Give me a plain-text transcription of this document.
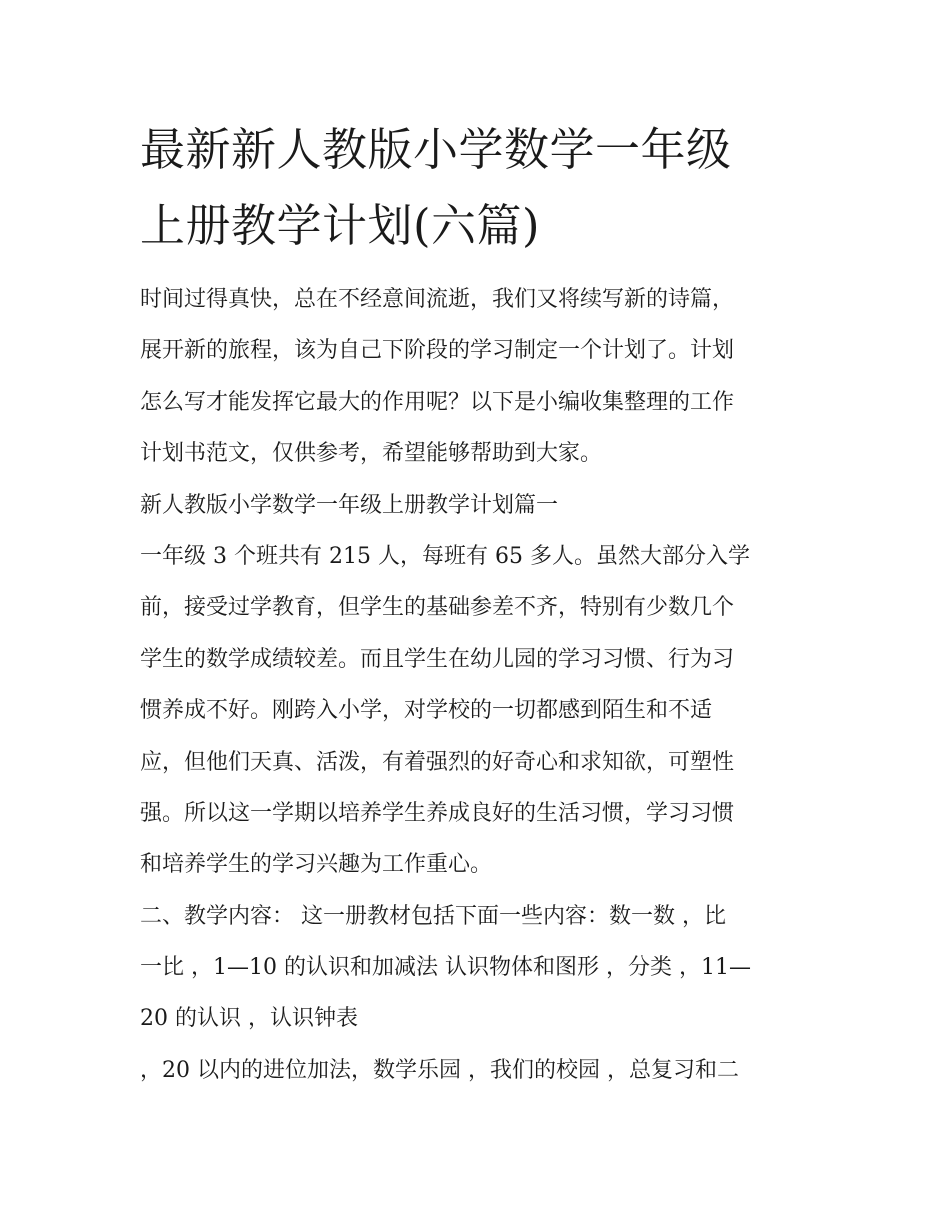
最新新人教版小学数学一年级
上册教学计划(六篇)
时间过得真快，总在不经意间流逝，我们又将续写新的诗篇，
展开新的旅程，该为自己下阶段的学习制定一个计划了。计划
怎么写才能发挥它最大的作用呢？以下是小编收集整理的工作
计划书范文，仅供参考，希望能够帮助到大家。
新人教版小学数学一年级上册教学计划篇一
一年级 3 个班共有 215 人，每班有 65 多人。虽然大部分入学
前，接受过学教育，但学生的基础参差不齐，特别有少数几个
学生的数学成绩较差。而且学生在幼儿园的学习习惯、行为习
惯养成不好。刚跨入小学，对学校的一切都感到陌生和不适
应，但他们天真、活泼，有着强烈的好奇心和求知欲，可塑性
强。所以这一学期以培养学生养成良好的生活习惯，学习习惯
和培养学生的学习兴趣为工作重心。
二、教学内容： 这一册教材包括下面一些内容：数一数 ，比
一比 ，1—10 的认识和加减法 认识物体和图形 ，分类 ，11—
20 的认识 ，认识钟表
，20 以内的进位加法，数学乐园 ，我们的校园 ，总复习和二
